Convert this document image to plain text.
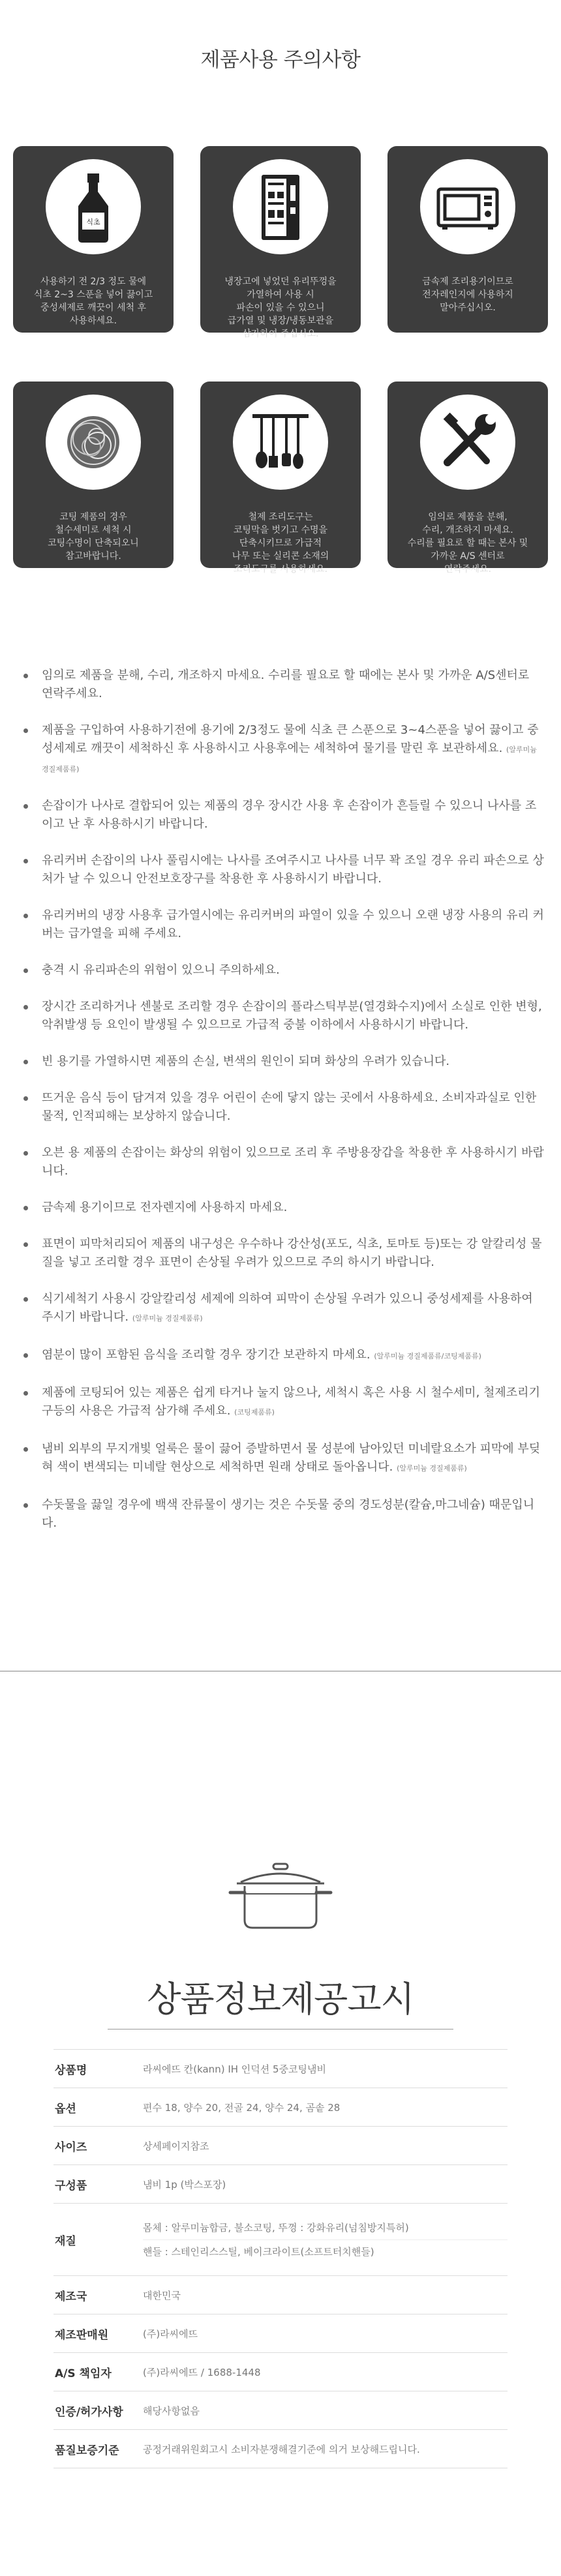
제품사용 주의사항
식초
사용하기 전 2/3 정도 물에
식초 2~3 스푼을 넣어 끓이고
중성세제로 깨끗이 세척 후
사용하세요.
냉장고에 넣었던 유리뚜껑을
가열하여 사용 시
파손이 있을 수 있으니
급가열 및 냉장/냉동보관을
삼가하여 주십시오.
금속제 조리용기이므로
전자레인지에 사용하지
말아주십시오.
코팅 제품의 경우
철수세미로 세척 시
코팅수명이 단축되오니
참고바랍니다.
철제 조리도구는
코팅막을 벗기고 수명을
단축시키므로 가급적
나무 또는 실리콘 소재의
조리도구를 사용하세요.
임의로 제품을 분해,
수리, 개조하지 마세요.
수리를 필요로 할 때는 본사 및
가까운 A/S 센터로
연락주세요.
임의로 제품을 분해, 수리, 개조하지 마세요. 수리를 필요로 할 때에는 본사 및 가까운 A/S센터로 연락주세요.
제품을 구입하여 사용하기전에 용기에 2/3정도 물에 식초 큰 스푼으로 3~4스푼을 넣어 끓이고 중성세제로 깨끗이 세척하신 후 사용하시고 사용후에는 세척하여 물기를 말린 후 보관하세요. (알루미늄 경질제품류)
손잡이가 나사로 결합되어 있는 제품의 경우 장시간 사용 후 손잡이가 흔들릴 수 있으니 나사를 조이고 난 후 사용하시기 바랍니다.
유리커버 손잡이의 나사 풀림시에는 나사를 조여주시고 나사를 너무 꽉 조일 경우 유리 파손으로 상처가 날 수 있으니 안전보호장구를 착용한 후 사용하시기 바랍니다.
유리커버의 냉장 사용후 급가열시에는 유리커버의 파열이 있을 수 있으니 오랜 냉장 사용의 유리 커버는 급가열을 피해 주세요.
충격 시 유리파손의 위험이 있으니 주의하세요.
장시간 조리하거나 센불로 조리할 경우 손잡이의 플라스틱부분(열경화수지)에서 소실로 인한 변형, 악취발생 등 요인이 발생될 수 있으므로 가급적 중불 이하에서 사용하시기 바랍니다.
빈 용기를 가열하시면 제품의 손실, 변색의 원인이 되며 화상의 우려가 있습니다.
뜨거운 음식 등이 담겨져 있을 경우 어린이 손에 닿지 않는 곳에서 사용하세요. 소비자과실로 인한 물적, 인적피해는 보상하지 않습니다.
오븐 용 제품의 손잡이는 화상의 위험이 있으므로 조리 후 주방용장갑을 착용한 후 사용하시기 바랍니다.
금속제 용기이므로 전자렌지에 사용하지 마세요.
표면이 피막처리되어 제품의 내구성은 우수하나 강산성(포도, 식초, 토마토 등)또는 강 알칼리성 물질을 넣고 조리할 경우 표면이 손상될 우려가 있으므로 주의 하시기 바랍니다.
식기세척기 사용시 강알칼리성 세제에 의하여 피막이 손상될 우려가 있으니 중성세제를 사용하여 주시기 바랍니다. (알루미늄 경질제품류)
염분이 많이 포함된 음식을 조리할 경우 장기간 보관하지 마세요. (알루미늄 경질제품류/코팅제품류)
제품에 코팅되어 있는 제품은 쉽게 타거나 눌지 않으나, 세척시 혹은 사용 시 철수세미, 철제조리기구등의 사용은 가급적 삼가해 주세요. (코팅제품류)
냄비 외부의 무지개빛 얼룩은 물이 끓어 증발하면서 물 성분에 남아있던 미네랄요소가 피막에 부딪혀 색이 변색되는 미네랄 현상으로 세척하면 원래 상태로 돌아옵니다. (알루미늄 경질제품류)
수돗물을 끓일 경우에 백색 잔류물이 생기는 것은 수돗물 중의 경도성분(칼슘,마그네슘) 때문입니다.
상품정보제공고시
상품명	라씨에뜨 칸(kann) IH 인덕션 5중코팅냄비
옵션	편수 18, 양수 20, 전골 24, 양수 24, 곰솥 28
사이즈	상세페이지참조
구성품	냄비 1p (박스포장)
재질	몸체 : 알루미늄합금, 불소코팅, 뚜껑 : 강화유리(넘침방지특허)
핸들 : 스테인리스스틸, 베이크라이트(소프트터치핸들)

제조국	대한민국
제조판매원	(주)라씨에뜨
A/S 책임자	(주)라씨에뜨 / 1688-1448
인증/허가사항	해당사항없음
품질보증기준	공정거래위원회고시 소비자분쟁해결기준에 의거 보상해드립니다.
